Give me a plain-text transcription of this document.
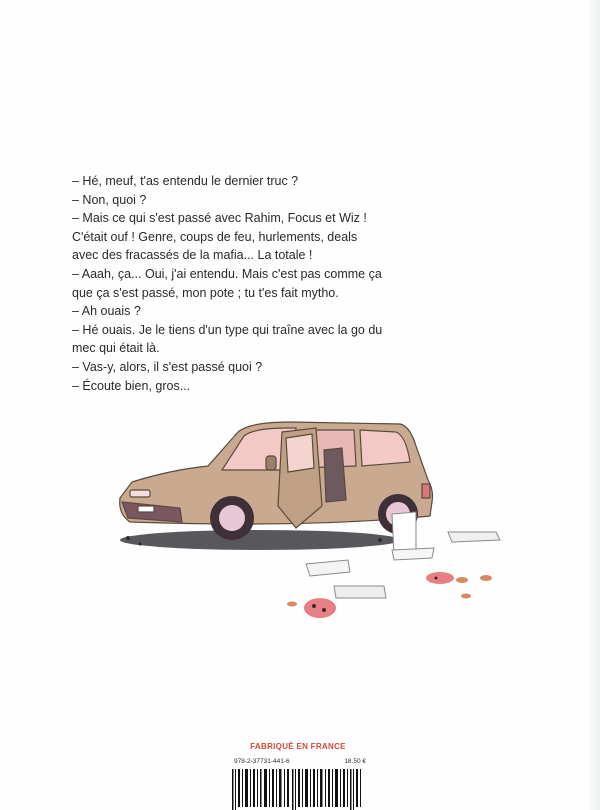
– Hé, meuf, t'as entendu le dernier truc ?
– Non, quoi ?
– Mais ce qui s'est passé avec Rahim, Focus et Wiz !
C'était ouf ! Genre, coups de feu, hurlements, deals
avec des fracassés de la mafia... La totale !
– Aaah, ça... Oui, j'ai entendu. Mais c'est pas comme ça
que ça s'est passé, mon pote ; tu t'es fait mytho.
– Ah ouais ?
– Hé ouais. Je le tiens d'un type qui traîne avec la go du
mec qui était là.
– Vas-y, alors, il s'est passé quoi ?
– Écoute bien, gros...
FABRIQUÉ EN FRANCE
978-2-37731-441-6	18.50 €
